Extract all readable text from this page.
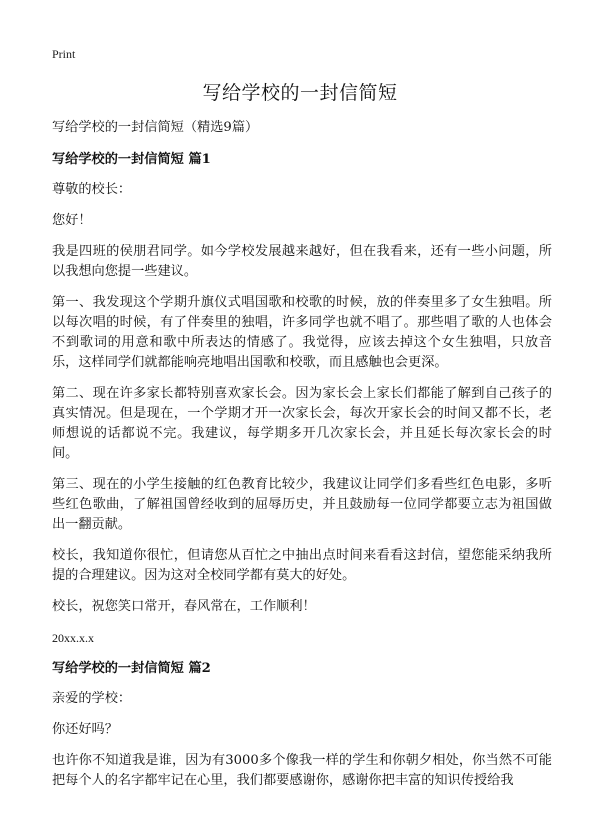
Print
写给学校的一封信简短

写给学校的一封信简短（精选9篇）

写给学校的一封信简短 篇1

尊敬的校长：

您好！

我是四班的侯朋君同学。如今学校发展越来越好，但在我看来，还有一些小问题，所以我想向您提一些建议。

第一、我发现这个学期升旗仪式唱国歌和校歌的时候，放的伴奏里多了女生独唱。所以每次唱的时候，有了伴奏里的独唱，许多同学也就不唱了。那些唱了歌的人也体会不到歌词的用意和歌中所表达的情感了。我觉得，应该去掉这个女生独唱，只放音乐，这样同学们就都能响亮地唱出国歌和校歌，而且感触也会更深。

第二、现在许多家长都特别喜欢家长会。因为家长会上家长们都能了解到自己孩子的真实情况。但是现在，一个学期才开一次家长会，每次开家长会的时间又都不长，老师想说的话都说不完。我建议，每学期多开几次家长会，并且延长每次家长会的时间。

第三、现在的小学生接触的红色教育比较少，我建议让同学们多看些红色电影，多听些红色歌曲，了解祖国曾经收到的屈辱历史，并且鼓励每一位同学都要立志为祖国做出一翻贡献。

校长，我知道你很忙，但请您从百忙之中抽出点时间来看看这封信，望您能采纳我所提的合理建议。因为这对全校同学都有莫大的好处。

校长，祝您笑口常开，春风常在，工作顺利！

20xx.x.x

写给学校的一封信简短 篇2

亲爱的学校：

你还好吗？

也许你不知道我是谁，因为有3000多个像我一样的学生和你朝夕相处，你当然不可能把每个人的名字都牢记在心里，我们都要感谢你，感谢你把丰富的知识传授给我
